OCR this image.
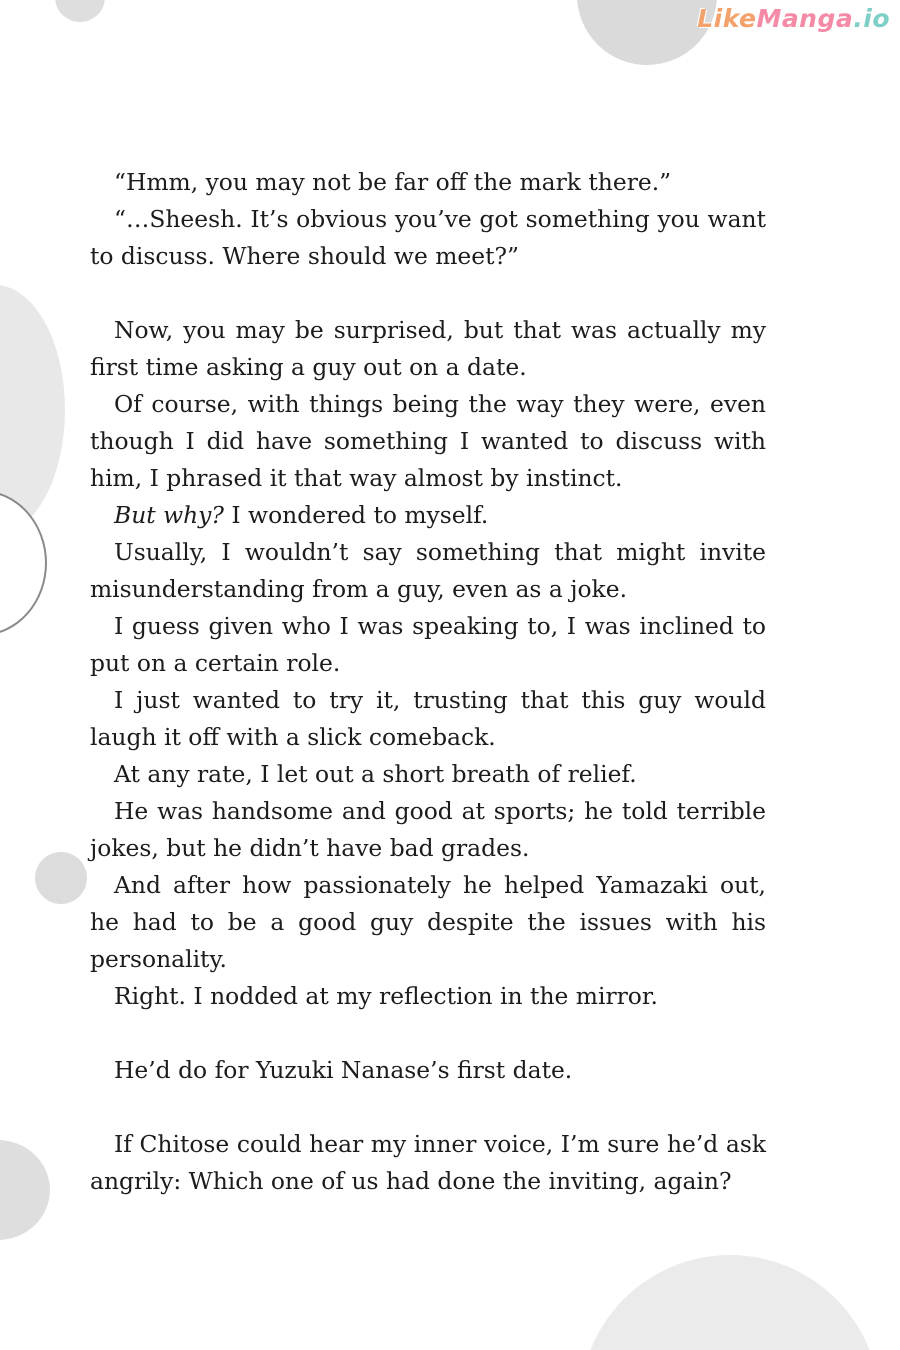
LikeManga.io

“Hmm, you may not be far off the mark there.”

“…Sheesh. It’s obvious you’ve got something you want to discuss. Where should we meet?”

Now, you may be surprised, but that was actually my first time asking a guy out on a date.

Of course, with things being the way they were, even though I did have something I wanted to discuss with him, I phrased it that way almost by instinct.

But why? I wondered to myself.

Usually, I wouldn’t say something that might invite misunderstanding from a guy, even as a joke.

I guess given who I was speaking to, I was inclined to put on a certain role.

I just wanted to try it, trusting that this guy would laugh it off with a slick comeback.

At any rate, I let out a short breath of relief.

He was handsome and good at sports; he told terrible jokes, but he didn’t have bad grades.

And after how passionately he helped Yamazaki out, he had to be a good guy despite the issues with his personality.

Right. I nodded at my reflection in the mirror.

He’d do for Yuzuki Nanase’s first date.

If Chitose could hear my inner voice, I’m sure he’d ask angrily: Which one of us had done the inviting, again?
